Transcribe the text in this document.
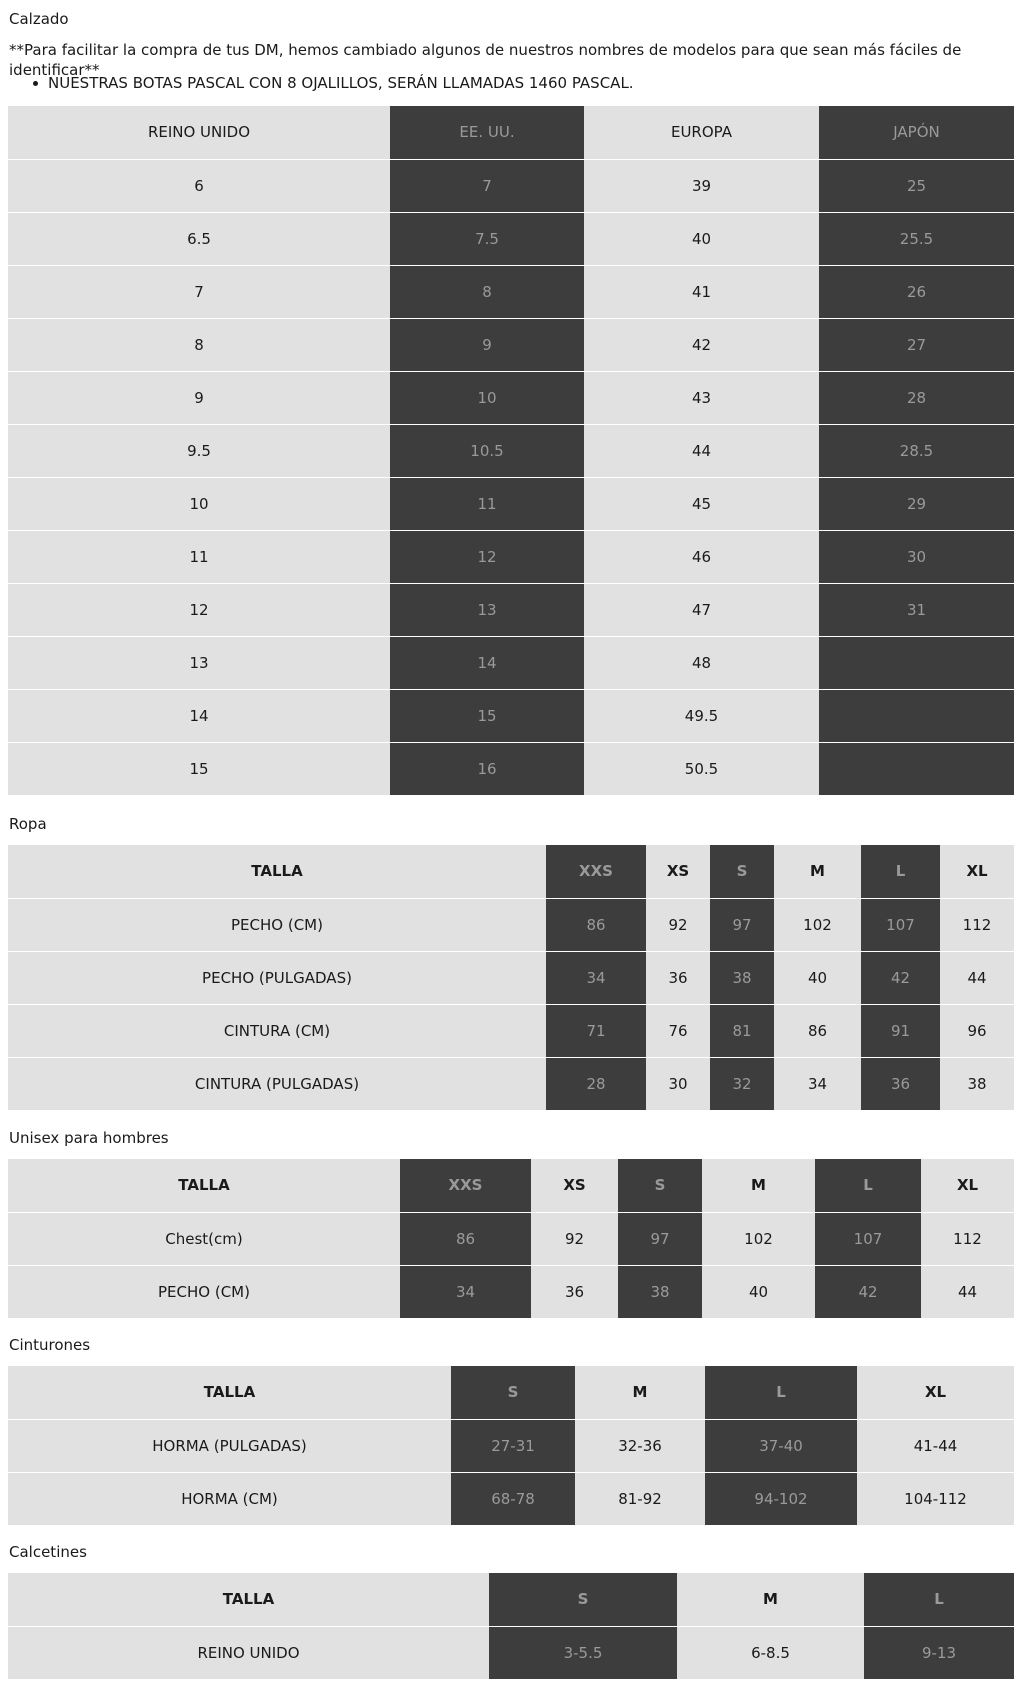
Calzado
**Para facilitar la compra de tus DM, hemos cambiado algunos de nuestros nombres de modelos para que sean más fáciles de identificar**
NUESTRAS BOTAS PASCAL CON 8 OJALILLOS, SERÁN LLAMADAS 1460 PASCAL.
REINO UNIDO	EE. UU.	EUROPA	JAPÓN
6	7	39	25
6.5	7.5	40	25.5
7	8	41	26
8	9	42	27
9	10	43	28
9.5	10.5	44	28.5
10	11	45	29
11	12	46	30
12	13	47	31
13	14	48	
14	15	49.5	
15	16	50.5	
Ropa
TALLA	XXS	XS	S	M	L	XL
PECHO (CM)	86	92	97	102	107	112
PECHO (PULGADAS)	34	36	38	40	42	44
CINTURA (CM)	71	76	81	86	91	96
CINTURA (PULGADAS)	28	30	32	34	36	38
Unisex para hombres
TALLA	XXS	XS	S	M	L	XL
Chest(cm)	86	92	97	102	107	112
PECHO (CM)	34	36	38	40	42	44
Cinturones
TALLA	S	M	L	XL
HORMA (PULGADAS)	27-31	32-36	37-40	41-44
HORMA (CM)	68-78	81-92	94-102	104-112
Calcetines
TALLA	S	M	L
REINO UNIDO	3-5.5	6-8.5	9-13
